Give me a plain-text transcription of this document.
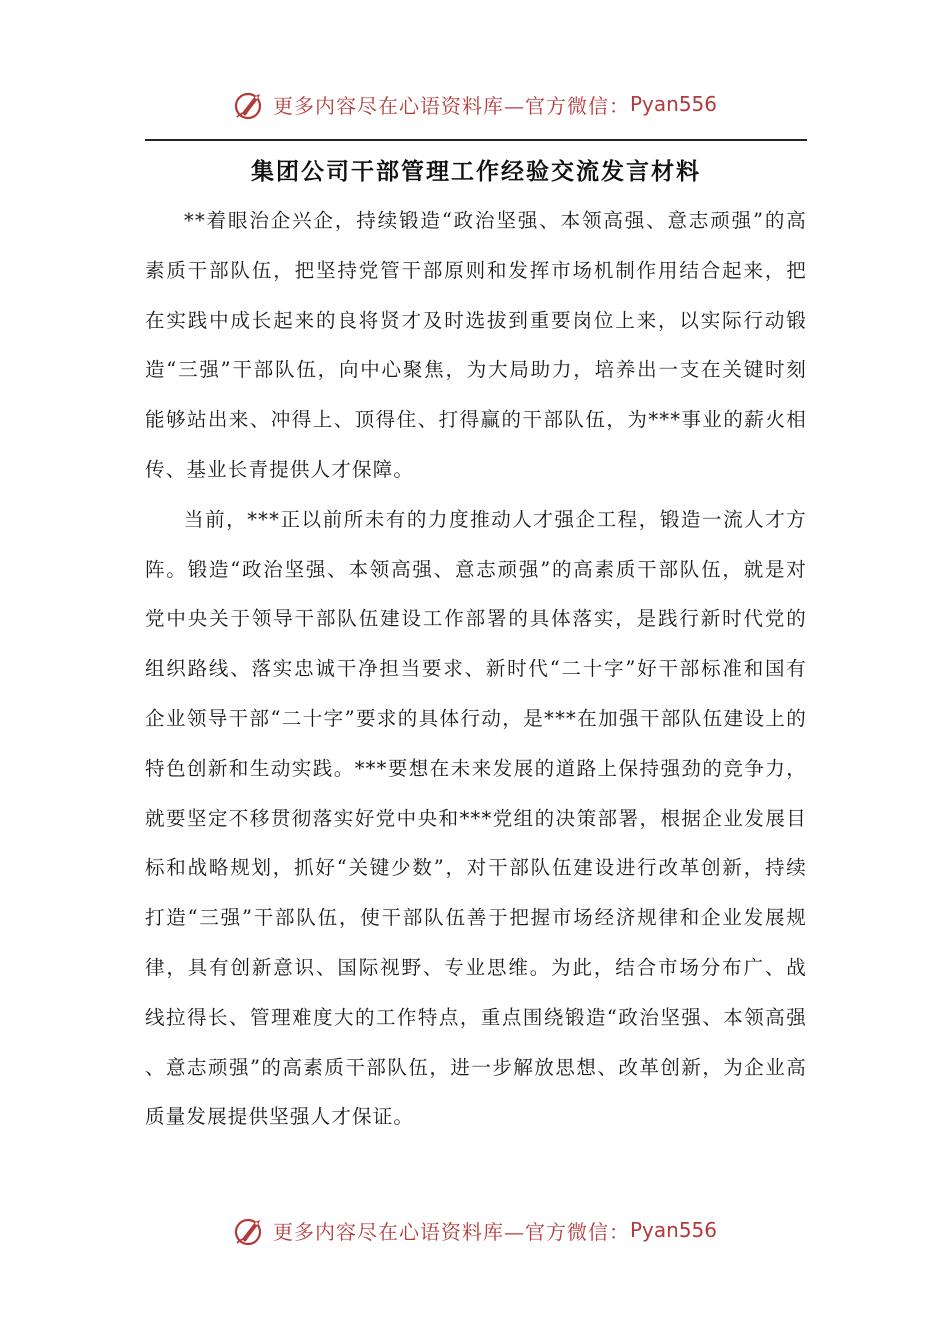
更多内容尽在心语资料库—官方微信： Pyan556
集团公司干部管理工作经验交流发言材料

**着眼治企兴企，持续锻造“政治坚强、本领高强、意志顽强”的高素质干部队伍，把坚持党管干部原则和发挥市场机制作用结合起来，把在实践中成长起来的良将贤才及时选拔到重要岗位上来，以实际行动锻造“三强”干部队伍，向中心聚焦，为大局助力，培养出一支在关键时刻能够站出来、冲得上、顶得住、打得赢的干部队伍，为***事业的薪火相传、基业长青提供人才保障。

当前，***正以前所未有的力度推动人才强企工程，锻造一流人才方阵。锻造“政治坚强、本领高强、意志顽强”的高素质干部队伍，就是对党中央关于领导干部队伍建设工作部署的具体落实，是践行新时代党的组织路线、落实忠诚干净担当要求、新时代“二十字”好干部标准和国有企业领导干部“二十字”要求的具体行动，是***在加强干部队伍建设上的特色创新和生动实践。***要想在未来发展的道路上保持强劲的竞争力，就要坚定不移贯彻落实好党中央和***党组的决策部署，根据企业发展目标和战略规划，抓好“关键少数”，对干部队伍建设进行改革创新，持续打造“三强”干部队伍，使干部队伍善于把握市场经济规律和企业发展规律，具有创新意识、国际视野、专业思维。为此，结合市场分布广、战线拉得长、管理难度大的工作特点，重点围绕锻造“政治坚强、本领高强、意志顽强”的高素质干部队伍，进一步解放思想、改革创新，为企业高质量发展提供坚强人才保证。

更多内容尽在心语资料库—官方微信： Pyan556
